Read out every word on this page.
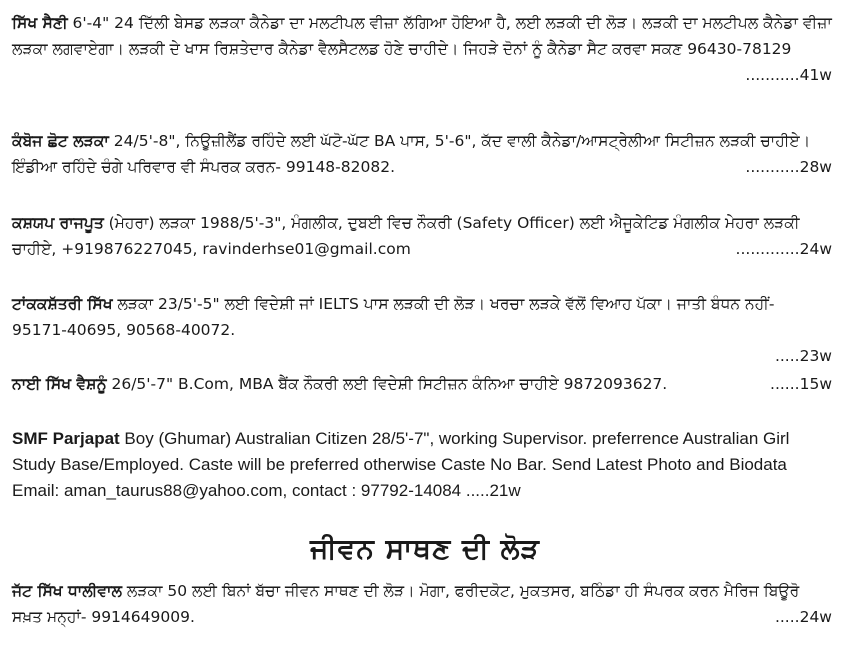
ਸਿੱਖ ਸੈਣੀ 6'-4" 24 ਦਿੱਲੀ ਬੇਸਡ ਲੜਕਾ ਕੈਨੇਡਾ ਦਾ ਮਲਟੀਪਲ ਵੀਜ਼ਾ ਲੱਗਿਆ ਹੋਇਆ ਹੈ, ਲਈ ਲੜਕੀ ਦੀ ਲੋੜ। ਲੜਕੀ ਦਾ ਮਲਟੀਪਲ ਕੈਨੇਡਾ ਵੀਜ਼ਾ ਲੜਕਾ ਲਗਵਾਏਗਾ। ਲੜਕੀ ਦੇ ਖਾਸ ਰਿਸ਼ਤੇਦਾਰ ਕੈਨੇਡਾ ਵੈਲਸੈਟਲਡ ਹੋਣੇ ਚਾਹੀਦੇ। ਜਿਹੜੇ ਦੋਨਾਂ ਨੂੰ ਕੈਨੇਡਾ ਸੈਟ ਕਰਵਾ ਸਕਣ 96430-78129
...........41w
ਕੰਬੋਜ ਛੋਟ ਲੜਕਾ 24/5'-8", ਨਿਊਜ਼ੀਲੈਂਡ ਰਹਿੰਦੇ ਲਈ ਘੱਟੋ-ਘੱਟ BA ਪਾਸ, 5'-6", ਕੱਦ ਵਾਲੀ ਕੈਨੇਡਾ/ਆਸਟ੍ਰੇਲੀਆ ਸਿਟੀਜ਼ਨ ਲੜਕੀ ਚਾਹੀਏ। ਇੰਡੀਆ ਰਹਿੰਦੇ ਚੰਗੇ ਪਰਿਵਾਰ ਵੀ ਸੰਪਰਕ ਕਰਨ- 99148-82082.	...........28w
ਕਸ਼ਯਪ ਰਾਜਪੂਤ (ਮੇਹਰਾ) ਲੜਕਾ 1988/5'-3", ਮੰਗਲੀਕ, ਦੁਬਈ ਵਿਚ ਨੌਕਰੀ (Safety Officer) ਲਈ ਐਜੂਕੇਟਿਡ ਮੰਗਲੀਕ ਮੇਹਰਾ ਲੜਕੀ ਚਾਹੀਏ, +919876227045, ravinderhse01@gmail.com	.............24w
ਟਾਂਕਕਸ਼ੱਤਰੀ ਸਿੱਖ ਲੜਕਾ 23/5'-5" ਲਈ ਵਿਦੇਸ਼ੀ ਜਾਂ IELTS ਪਾਸ ਲੜਕੀ ਦੀ ਲੋੜ। ਖਰਚਾ ਲੜਕੇ ਵੱਲੋਂ ਵਿਆਹ ਪੱਕਾ। ਜਾਤੀ ਬੰਧਨ ਨਹੀਂ- 95171-40695, 90568-40072.
.....23w
ਨਾਈ ਸਿੱਖ ਵੈਸ਼ਨੂੰ 26/5'-7" B.Com, MBA ਬੈਂਕ ਨੌਕਰੀ ਲਈ ਵਿਦੇਸ਼ੀ ਸਿਟੀਜ਼ਨ ਕੰਨਿਆ ਚਾਹੀਏ 9872093627.	......15w
SMF Parjapat Boy (Ghumar) Australian Citizen 28/5'-7", working Supervisor. preferrence Australian Girl Study Base/Employed. Caste will be preferred otherwise Caste No Bar. Send Latest Photo and Biodata Email: aman_taurus88@yahoo.com, contact : 97792-14084 .....21w
ਜੀਵਨ ਸਾਥਣ ਦੀ ਲੋੜ
ਜੱਟ ਸਿੱਖ ਧਾਲੀਵਾਲ ਲੜਕਾ 50 ਲਈ ਬਿਨਾਂ ਬੱਚਾ ਜੀਵਨ ਸਾਥਣ ਦੀ ਲੋੜ। ਮੋਗਾ, ਫਰੀਦਕੋਟ, ਮੁਕਤਸਰ, ਬਠਿੰਡਾ ਹੀ ਸੰਪਰਕ ਕਰਨ ਮੈਰਿਜ ਬਿਊਰੋ ਸਖ਼ਤ ਮਨ੍ਹਾਂ- 9914649009.	.....24w
